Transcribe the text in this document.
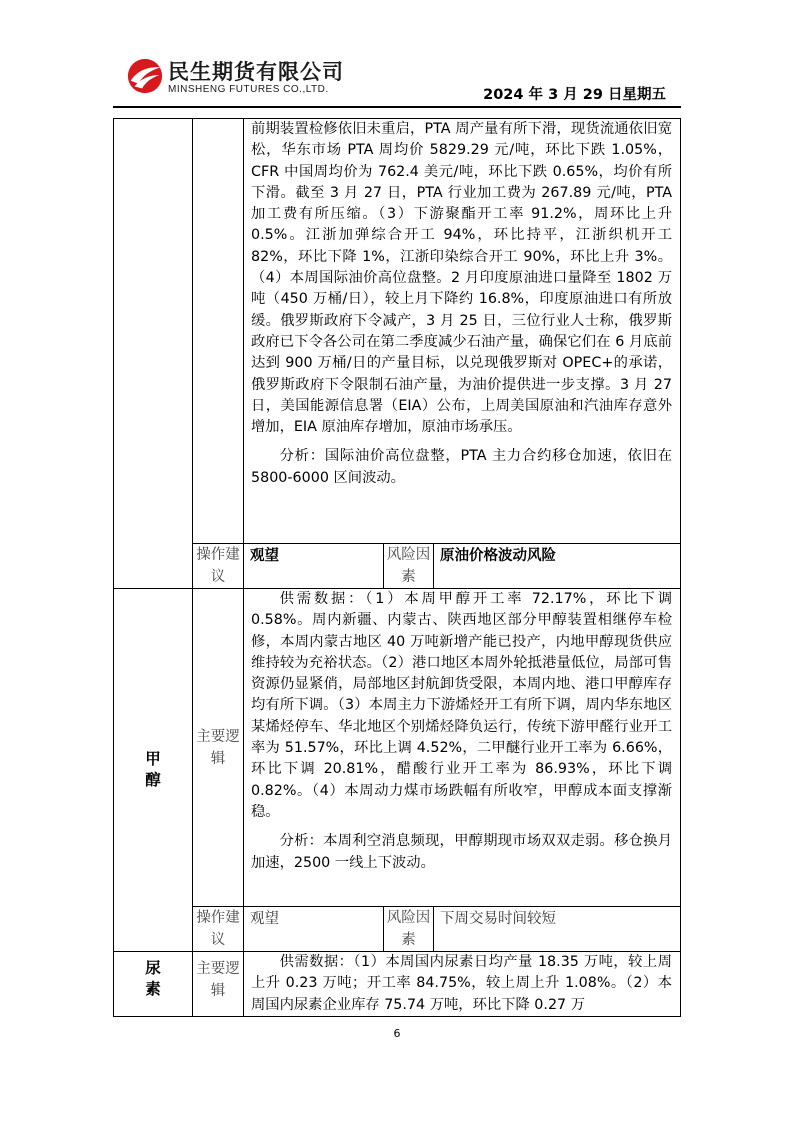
民生期货有限公司
MINSHENG FUTURES CO.,LTD.	2024 年 3 月 29 日星期五

		前期装置检修依旧未重启，PTA 周产量有所下滑，现货流通依旧宽松，华东市场 PTA 周均价 5829.29 元/吨，环比下跌 1.05%，CFR 中国周均价为 762.4 美元/吨，环比下跌 0.65%，均价有所下滑。截至 3 月 27 日，PTA 行业加工费为 267.89 元/吨，PTA 加工费有所压缩。（3）下游聚酯开工率 91.2%，周环比上升 0.5%。江浙加弹综合开工 94%，环比持平，江浙织机开工 82%，环比下降 1%，江浙印染综合开工 90%，环比上升 3%。（4）本周国际油价高位盘整。2 月印度原油进口量降至 1802 万吨（450 万桶/日），较上月下降约 16.8%，印度原油进口有所放缓。俄罗斯政府下令减产，3 月 25 日，三位行业人士称，俄罗斯政府已下令各公司在第二季度减少石油产量，确保它们在 6 月底前达到 900 万桶/日的产量目标，以兑现俄罗斯对 OPEC+的承诺，俄罗斯政府下令限制石油产量，为油价提供进一步支撑。3 月 27 日，美国能源信息署（EIA）公布，上周美国原油和汽油库存意外增加，EIA 原油库存增加，原油市场承压。

分析：国际油价高位盘整，PTA 主力合约移仓加速，依旧在 5800-6000 区间波动。		

	操作建议	观望	风险因素	原油价格波动风险
甲醇	主要逻辑	供需数据：（1）本周甲醇开工率 72.17%，环比下调 0.58%。周内新疆、内蒙古、陕西地区部分甲醇装置相继停车检修，本周内蒙古地区 40 万吨新增产能已投产，内地甲醇现货供应维持较为充裕状态。（2）港口地区本周外轮抵港量低位，局部可售资源仍显紧俏，局部地区封航卸货受限，本周内地、港口甲醇库存均有所下调。（3）本周主力下游烯烃开工有所下调，周内华东地区某烯烃停车、华北地区个别烯烃降负运行，传统下游甲醛行业开工率为 51.57%，环比上调 4.52%，二甲醚行业开工率为 6.66%，环比下调 20.81%，醋酸行业开工率为 86.93%，环比下调 0.82%。（4）本周动力煤市场跌幅有所收窄，甲醇成本面支撑渐稳。

分析：本周利空消息频现，甲醇期现市场双双走弱。移仓换月加速，2500 一线上下波动。		

	操作建议	观望	风险因素	下周交易时间较短
尿素	主要逻辑	供需数据：（1）本周国内尿素日均产量 18.35 万吨，较上周上升 0.23 万吨；开工率 84.75%，较上周上升 1.08%。（2）本周国内尿素企业库存 75.74 万吨，环比下降 0.27 万		

6
